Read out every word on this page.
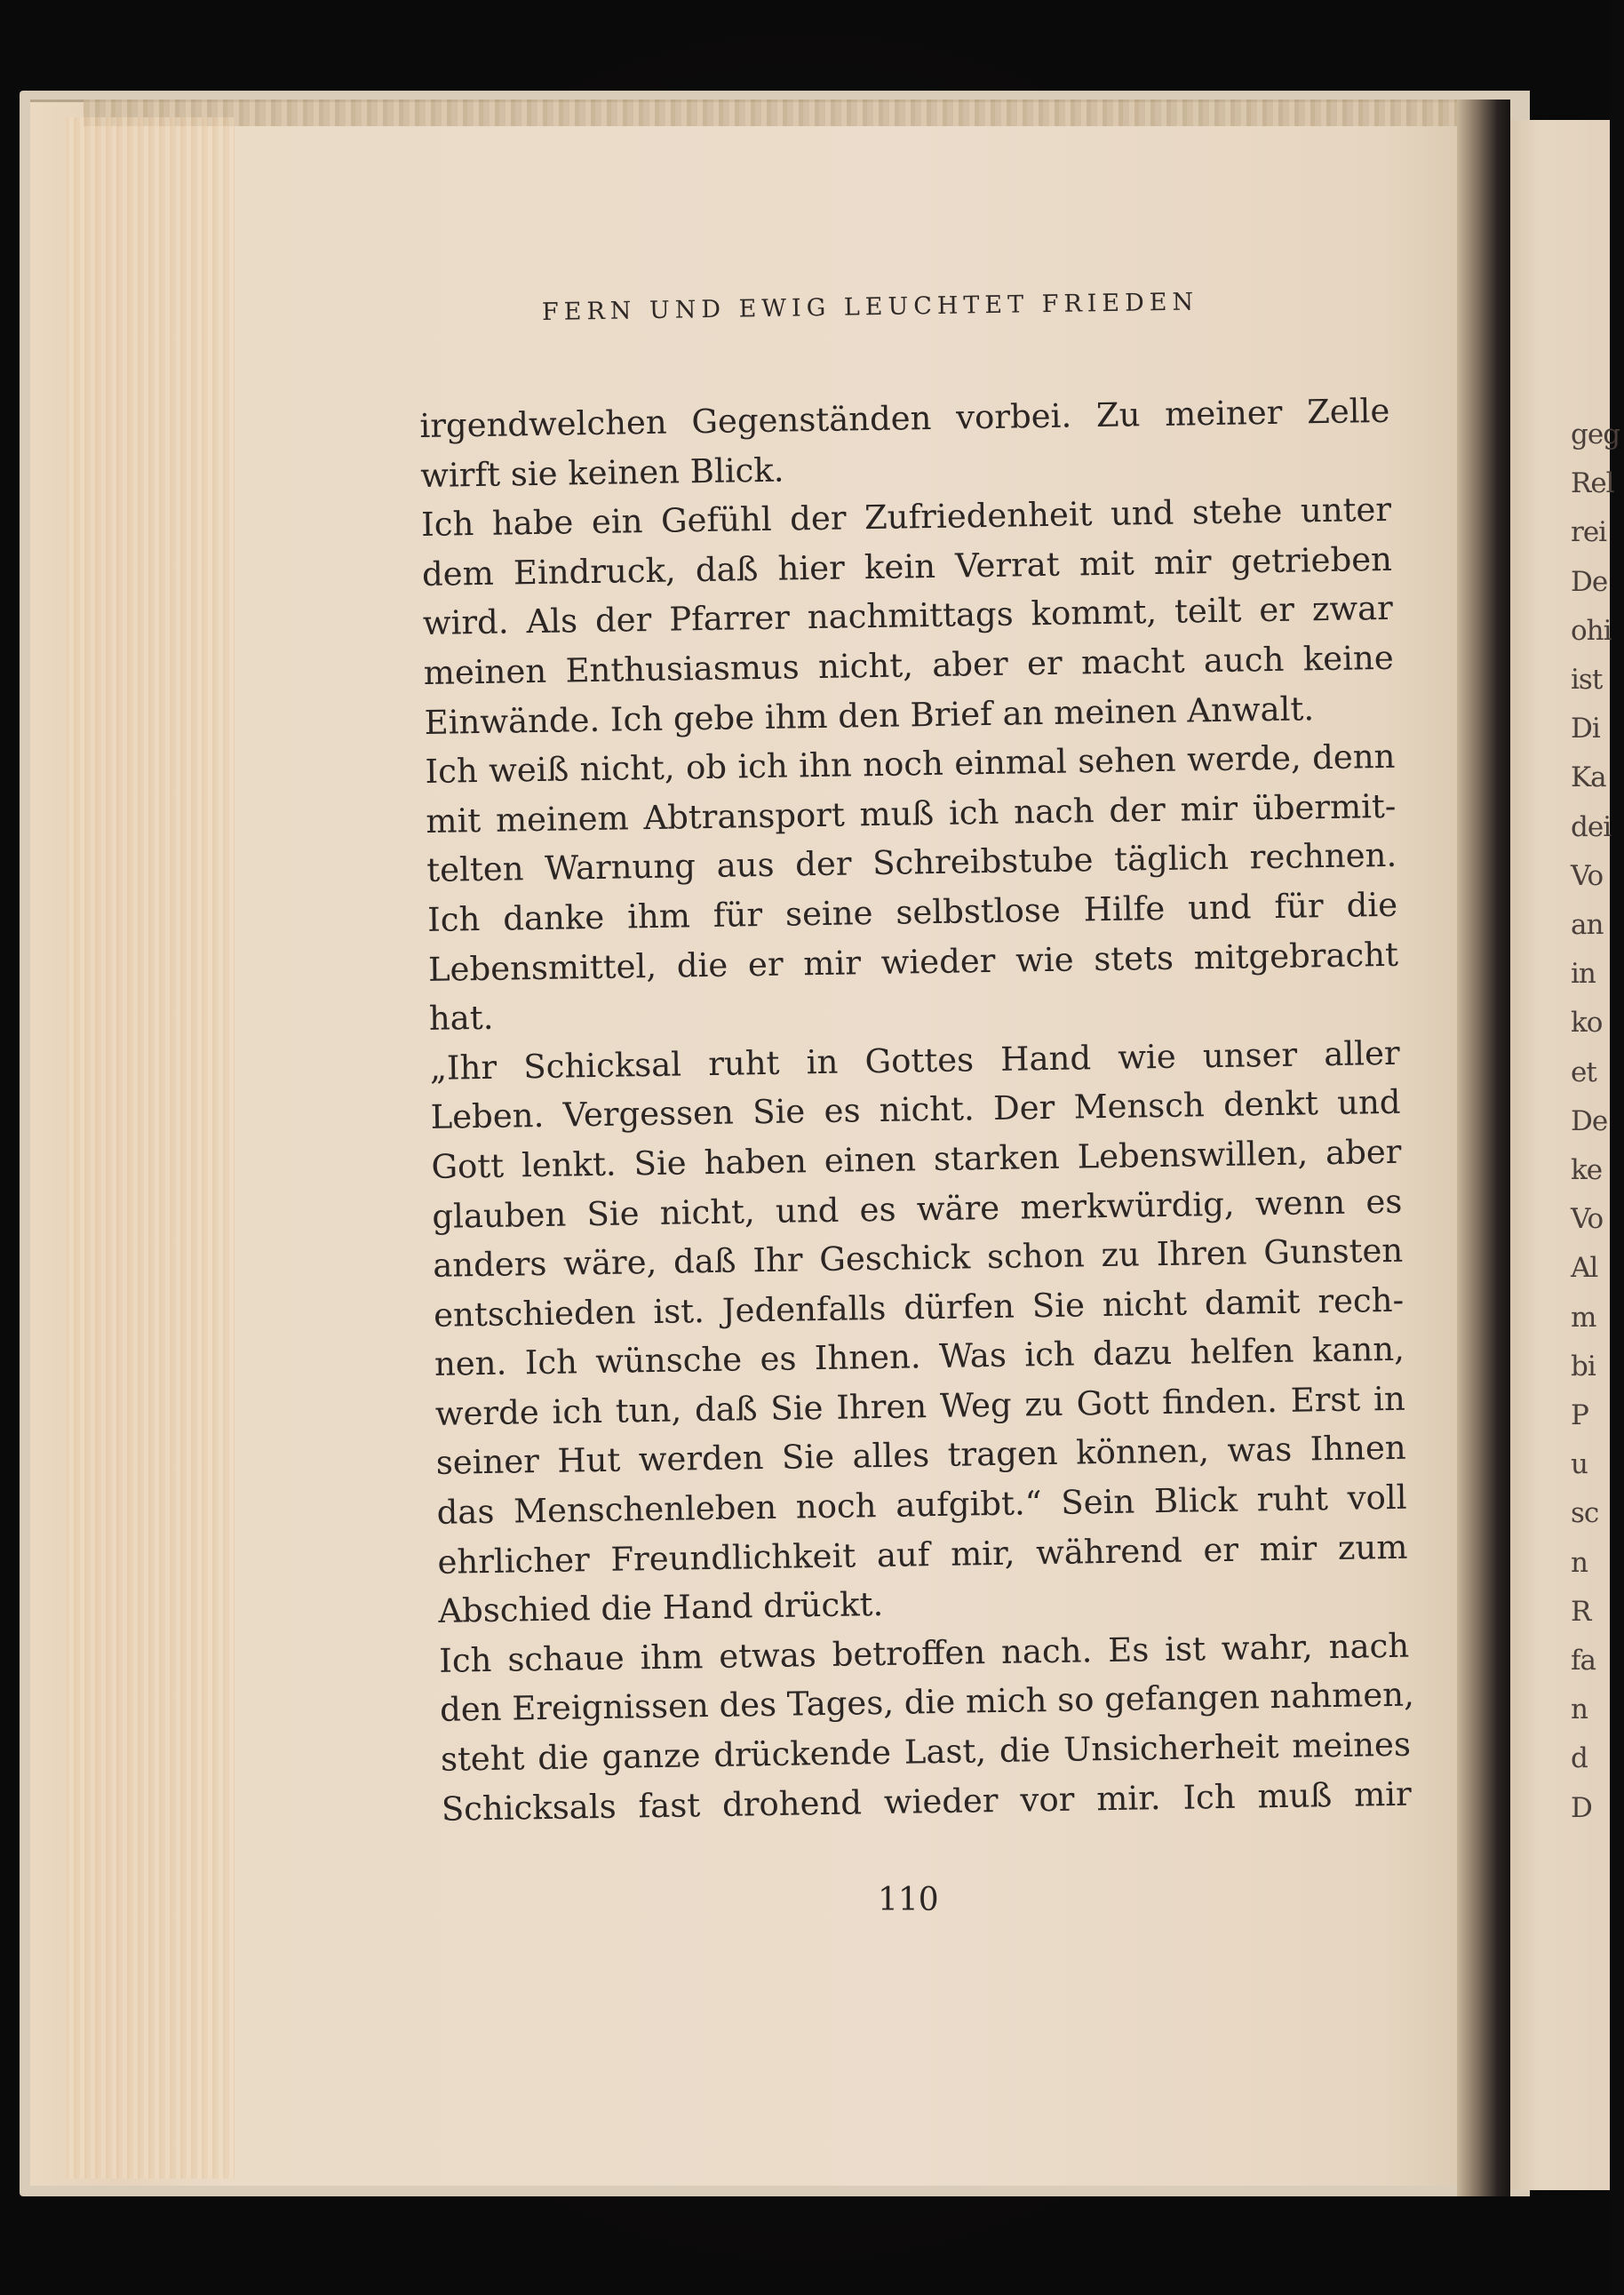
geg
Rel
rei
De
ohi
ist
Di
Ka
dei
Vo
an
in
ko
et
De
ke
Vo
Al
m
bi
P
u
sc
n
R
fa
n
d
D
FERN UND EWIG LEUCHTET FRIEDEN
irgendwelchen Gegenständen vorbei. Zu meiner Zelle
wirft sie keinen Blick.
Ich habe ein Gefühl der Zufriedenheit und stehe unter
dem Eindruck, daß hier kein Verrat mit mir getrieben
wird. Als der Pfarrer nachmittags kommt, teilt er zwar
meinen Enthusiasmus nicht, aber er macht auch keine
Einwände. Ich gebe ihm den Brief an meinen Anwalt.
Ich weiß nicht, ob ich ihn noch einmal sehen werde, denn
mit meinem Abtransport muß ich nach der mir übermit-
telten Warnung aus der Schreibstube täglich rechnen.
Ich danke ihm für seine selbstlose Hilfe und für die
Lebensmittel, die er mir wieder wie stets mitgebracht
hat.
„Ihr Schicksal ruht in Gottes Hand wie unser aller
Leben. Vergessen Sie es nicht. Der Mensch denkt und
Gott lenkt. Sie haben einen starken Lebenswillen, aber
glauben Sie nicht, und es wäre merkwürdig, wenn es
anders wäre, daß Ihr Geschick schon zu Ihren Gunsten
entschieden ist. Jedenfalls dürfen Sie nicht damit rech-
nen. Ich wünsche es Ihnen. Was ich dazu helfen kann,
werde ich tun, daß Sie Ihren Weg zu Gott finden. Erst in
seiner Hut werden Sie alles tragen können, was Ihnen
das Menschenleben noch aufgibt.“ Sein Blick ruht voll
ehrlicher Freundlichkeit auf mir, während er mir zum
Abschied die Hand drückt.
Ich schaue ihm etwas betroffen nach. Es ist wahr, nach
den Ereignissen des Tages, die mich so gefangen nahmen,
steht die ganze drückende Last, die Unsicherheit meines
Schicksals fast drohend wieder vor mir. Ich muß mir
110
